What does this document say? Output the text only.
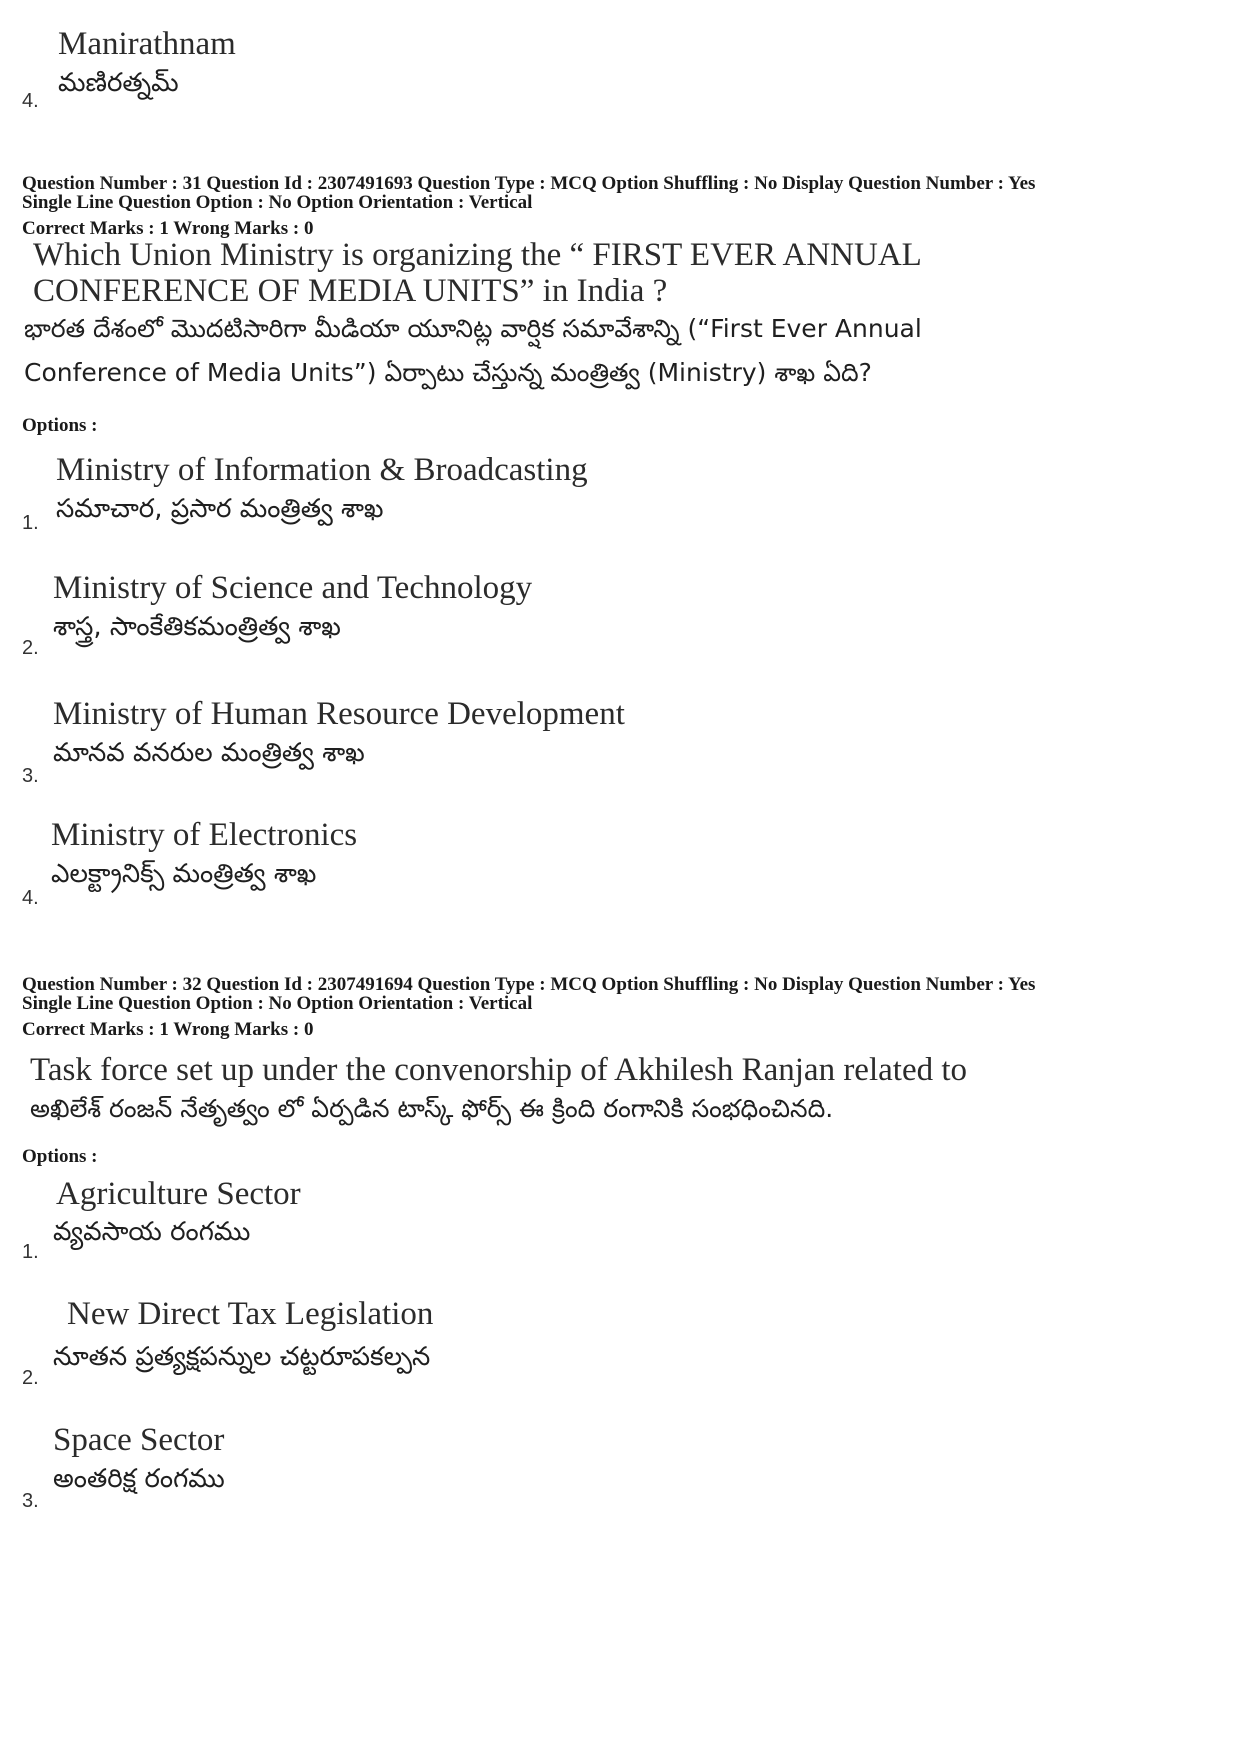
Manirathnam
మణిరత్నమ్
4.
Question Number : 31 Question Id : 2307491693 Question Type : MCQ Option Shuffling : No Display Question Number : Yes
Single Line Question Option : No Option Orientation : Vertical
Correct Marks : 1 Wrong Marks : 0
Which Union Ministry is organizing the “ FIRST EVER ANNUAL
CONFERENCE OF MEDIA UNITS” in India ?
భారత దేశంలో మొదటిసారిగా మీడియా యూనిట్ల వార్షిక సమావేశాన్ని (“First Ever Annual
Conference of Media Units”) ఏర్పాటు చేస్తున్న మంత్రిత్వ (Ministry) శాఖ ఏది?
Options :
Ministry of Information & Broadcasting
సమాచార, ప్రసార మంత్రిత్వ శాఖ
1.
Ministry of Science and Technology
శాస్త్ర, సాంకేతికమంత్రిత్వ శాఖ
2.
Ministry of Human Resource Development
మానవ వనరుల మంత్రిత్వ శాఖ
3.
Ministry of Electronics
ఎలక్ట్రానిక్స్ మంత్రిత్వ శాఖ
4.
Question Number : 32 Question Id : 2307491694 Question Type : MCQ Option Shuffling : No Display Question Number : Yes
Single Line Question Option : No Option Orientation : Vertical
Correct Marks : 1 Wrong Marks : 0
Task force set up under the convenorship of Akhilesh Ranjan related to
అఖిలేశ్ రంజన్ నేతృత్వం లో ఏర్పడిన టాస్క్ ఫోర్స్ ఈ క్రింది రంగానికి సంభధించినది.
Options :
Agriculture Sector
వ్యవసాయ రంగము
1.
New Direct Tax Legislation
నూతన ప్రత్యక్షపన్నుల చట్టరూపకల్పన
2.
Space Sector
అంతరిక్ష రంగము
3.
